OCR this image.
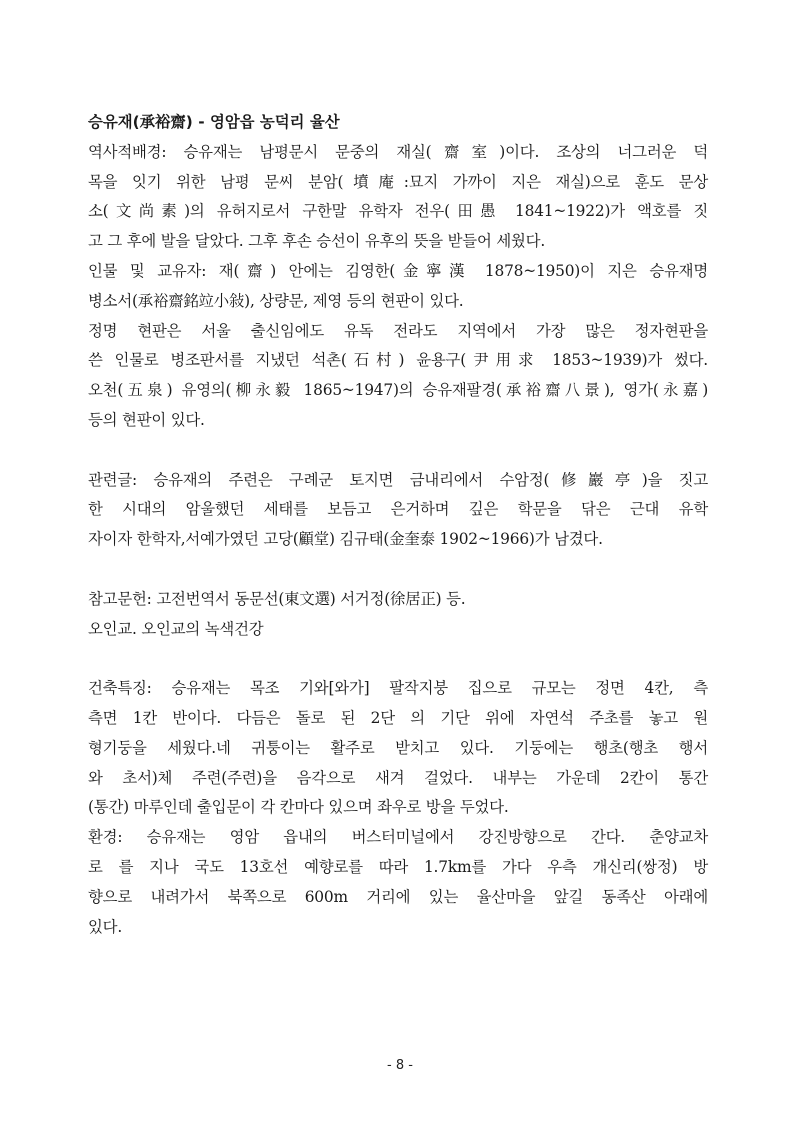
승유재(承裕齋) - 영암읍 농덕리 율산
역사적배경: 승유재는 남평문시 문중의 재실(齋室)이다. 조상의 너그러운 덕
목을 잇기 위한 남평 문씨 분암(墳庵:묘지 가까이 지은 재실)으로 훈도 문상
소(文尚素)의 유허지로서 구한말 유학자 전우(田愚 1841~1922)가 액호를 짓
고 그 후에 발을 달았다. 그후 후손 승선이 유후의 뜻을 받들어 세웠다.
인물 및 교유자: 재(齋) 안에는 김영한(金寧漢 1878~1950)이 지은 승유재명
병소서(承裕齋銘竝小敍), 상량문, 제영 등의 현판이 있다.
정명 현판은 서울 출신임에도 유독 전라도 지역에서 가장 많은 정자현판을
쓴 인물로 병조판서를 지냈던 석촌(石村) 윤용구(尹用求 1853~1939)가 썼다.
오천(五泉) 유영의(柳永毅 1865~1947)의 승유재팔경(承裕齋八景), 영가(永嘉)
등의 현판이 있다.
관련글: 승유재의 주련은 구례군 토지면 금내리에서 수암정(修巖亭)을 짓고
한 시대의 암울했던 세태를 보듬고 은거하며 깊은 학문을 닦은 근대 유학
자이자 한학자,서예가였던 고당(顧堂) 김규태(金奎泰 1902~1966)가 남겼다.
참고문헌: 고전번역서 동문선(東文選) 서거정(徐居正) 등.
오인교. 오인교의 녹색건강
건축특징: 승유재는 목조 기와[와가] 팔작지붕 집으로 규모는 정면 4칸, 측
측면 1칸 반이다. 다듬은 돌로 된 2단 의 기단 위에 자연석 주초를 놓고 원
형기둥을 세웠다.네 귀퉁이는 활주로 받치고 있다. 기둥에는 행초(행초 행서
와 초서)체 주련(주련)을 음각으로 새겨 걸었다. 내부는 가운데 2칸이 통간
(통간) 마루인데 출입문이 각 칸마다 있으며 좌우로 방을 두었다.
환경: 승유재는 영암 읍내의 버스터미널에서 강진방향으로 간다. 춘양교차
로 를 지나 국도 13호선 예향로를 따라 1.7km를 가다 우측 개신리(쌍정) 방
향으로 내려가서 북쪽으로 600m 거리에 있는 율산마을 앞길 동족산 아래에
있다.
- 8 -
